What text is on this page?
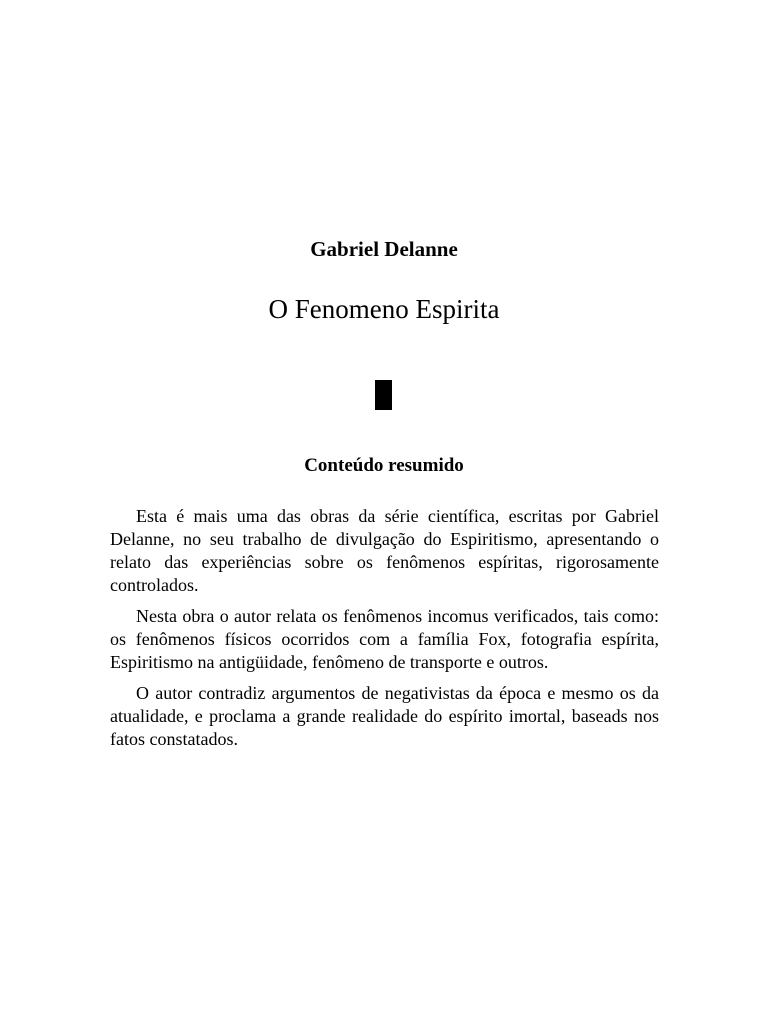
Gabriel Delanne
O Fenomeno Espirita
Conteúdo resumido

Esta é mais uma das obras da série científica, escritas por Gabriel Delanne, no seu trabalho de divulgação do Espiritismo, apresentando o relato das experiências sobre os fenômenos espíritas, rigorosamente controlados.

Nesta obra o autor relata os fenômenos incomus verificados, tais como: os fenômenos físicos ocorridos com a família Fox, fotografia espírita, Espiritismo na antigüidade, fenômeno de transporte e outros.

O autor contradiz argumentos de negativistas da época e mesmo os da atualidade, e proclama a grande realidade do espírito imortal, baseads nos fatos constatados.
